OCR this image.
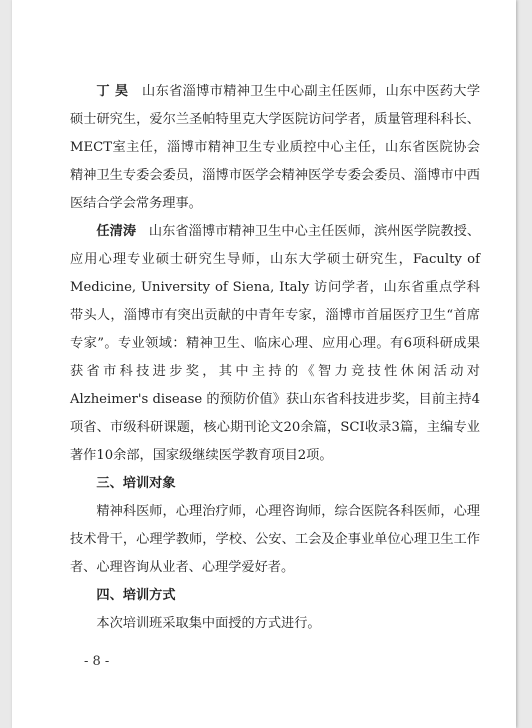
丁 昊 山东省淄博市精神卫生中心副主任医师，山东中医药大学硕士研究生，爱尔兰圣帕特里克大学医院访问学者，质量管理科科长、MECT室主任，淄博市精神卫生专业质控中心主任，山东省医院协会精神卫生专委会委员，淄博市医学会精神医学专委会委员、淄博市中西医结合学会常务理事。

任清涛 山东省淄博市精神卫生中心主任医师，滨州医学院教授、应用心理专业硕士研究生导师，山东大学硕士研究生，Faculty of Medicine, University of Siena, Italy 访问学者，山东省重点学科带头人，淄博市有突出贡献的中青年专家，淄博市首届医疗卫生“首席专家”。专业领域：精神卫生、临床心理、应用心理。有6项科研成果获省市科技进步奖，其中主持的《智力竞技性休闲活动对 Alzheimer's disease 的预防价值》获山东省科技进步奖，目前主持4项省、市级科研课题，核心期刊论文20余篇，SCI收录3篇，主编专业著作10余部，国家级继续医学教育项目2项。

三、培训对象

精神科医师，心理治疗师，心理咨询师，综合医院各科医师，心理技术骨干，心理学教师，学校、公安、工会及企事业单位心理卫生工作者、心理咨询从业者、心理学爱好者。

四、培训方式

本次培训班采取集中面授的方式进行。

- 8 -
